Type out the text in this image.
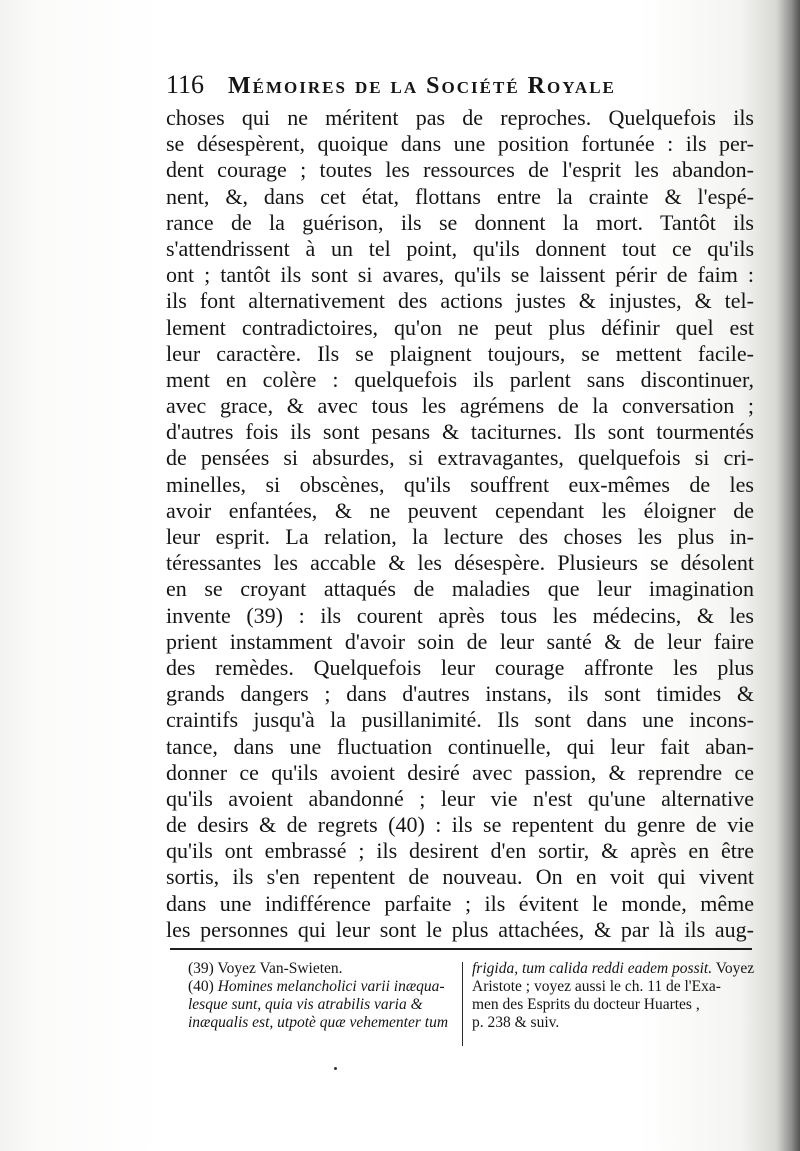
116 Mémoires de la Société Royale
choses qui ne méritent pas de reproches. Quelquefois ils
se désespèrent, quoique dans une position fortunée : ils per-
dent courage ; toutes les ressources de l'esprit les abandon-
nent, &, dans cet état, flottans entre la crainte & l'espé-
rance de la guérison, ils se donnent la mort. Tantôt ils
s'attendrissent à un tel point, qu'ils donnent tout ce qu'ils
ont ; tantôt ils sont si avares, qu'ils se laissent périr de faim :
ils font alternativement des actions justes & injustes, & tel-
lement contradictoires, qu'on ne peut plus définir quel est
leur caractère. Ils se plaignent toujours, se mettent facile-
ment en colère : quelquefois ils parlent sans discontinuer,
avec grace, & avec tous les agrémens de la conversation ;
d'autres fois ils sont pesans & taciturnes. Ils sont tourmentés
de pensées si absurdes, si extravagantes, quelquefois si cri-
minelles, si obscènes, qu'ils souffrent eux-mêmes de les
avoir enfantées, & ne peuvent cependant les éloigner de
leur esprit. La relation, la lecture des choses les plus in-
téressantes les accable & les désespère. Plusieurs se désolent
en se croyant attaqués de maladies que leur imagination
invente (39) : ils courent après tous les médecins, & les
prient instamment d'avoir soin de leur santé & de leur faire
des remèdes. Quelquefois leur courage affronte les plus
grands dangers ; dans d'autres instans, ils sont timides &
craintifs jusqu'à la pusillanimité. Ils sont dans une incons-
tance, dans une fluctuation continuelle, qui leur fait aban-
donner ce qu'ils avoient desiré avec passion, & reprendre ce
qu'ils avoient abandonné ; leur vie n'est qu'une alternative
de desirs & de regrets (40) : ils se repentent du genre de vie
qu'ils ont embrassé ; ils desirent d'en sortir, & après en être
sortis, ils s'en repentent de nouveau. On en voit qui vivent
dans une indifférence parfaite ; ils évitent le monde, même
les personnes qui leur sont le plus attachées, & par là ils aug-
(39) Voyez Van-Swieten.
(40) Homines melancholici varii inæqua-
lesque sunt, quia vis atrabilis varia &
inæqualis est, utpotè quæ vehementer tum
frigida, tum calida reddi eadem possit. Voyez
Aristote ; voyez aussi le ch. 11 de l'Exa-
men des Esprits du docteur Huartes ,
p. 238 & suiv.
